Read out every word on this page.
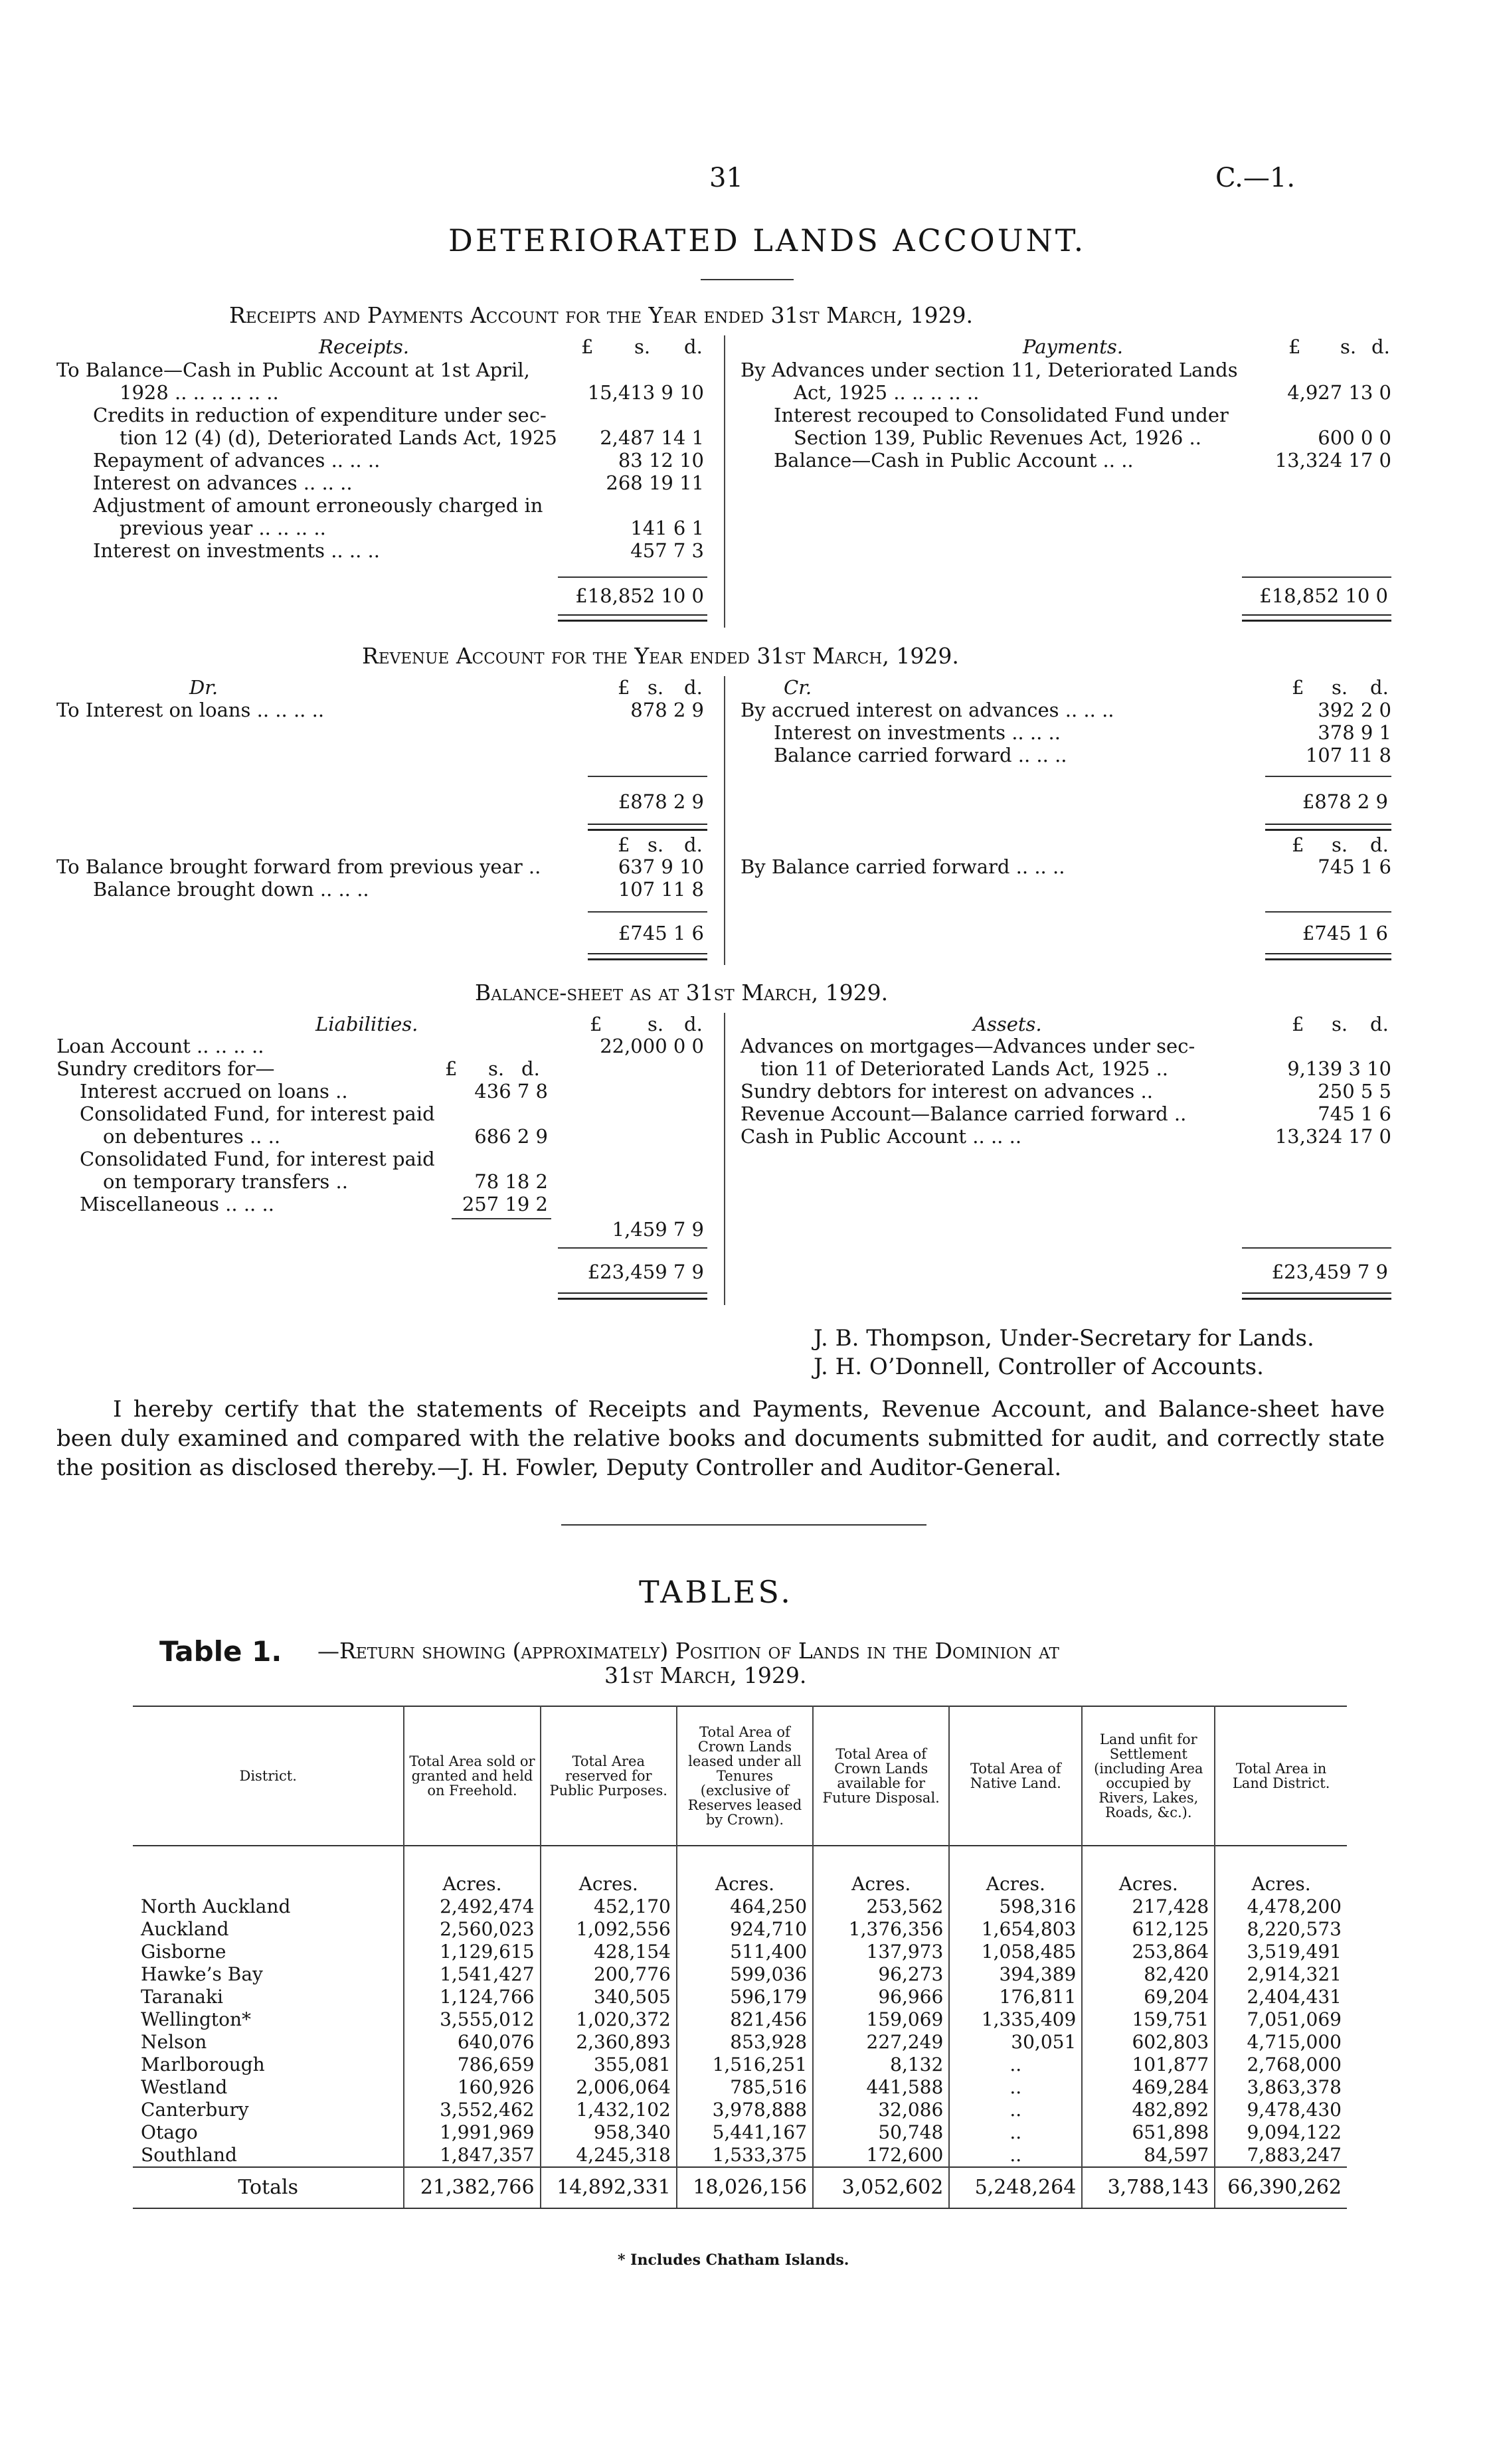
31	C.—1.
DETERIORATED LANDS ACCOUNT.
Receipts and Payments Account for the Year ended 31st March, 1929.
Receipts.	£ s. d.	Payments.	£ s. d.
To Balance—Cash in Public Account at 1st April,
1928 .. .. .. .. .. ..	15,413 9 10
Credits in reduction of expenditure under sec-
tion 12 (4) (d), Deteriorated Lands Act, 1925 2,487 14 1
Repayment of advances .. .. ..	83 12 10
Interest on advances .. .. ..	268 19 11
Adjustment of amount erroneously charged in
previous year .. .. .. ..	141 6 1
Interest on investments .. .. ..	457 7 3
£18,852 10 0
By Advances under section 11, Deteriorated Lands
Act, 1925 .. .. .. .. ..	4,927 13 0
Interest recouped to Consolidated Fund under
Section 139, Public Revenues Act, 1926 ..	600 0 0
Balance—Cash in Public Account .. ..	13,324 17 0
£18,852 10 0
Revenue Account for the Year ended 31st March, 1929.
Dr.	£ s. d.	Cr.	£ s. d.
To Interest on loans .. .. .. ..	878 2 9 By accrued interest on advances .. .. ..	392 2 0
Interest on investments .. .. ..	378 9 1
Balance carried forward .. .. ..	107 11 8
£878 2 9	£878 2 9
£ s. d.	£ s. d.
To Balance brought forward from previous year ..	637 9 10
Balance brought down .. .. ..	107 11 8
By Balance carried forward .. .. ..	745 1 6
£745 1 6	£745 1 6
Balance-sheet as at 31st March, 1929.
Liabilities.	£ s. d.	Assets.	£ s. d.
Loan Account .. .. .. ..	22,000 0 0
Sundry creditors for—	£ s. d.
Interest accrued on loans ..	436 7 8
Consolidated Fund, for interest paid
on debentures .. ..	686 2 9
Consolidated Fund, for interest paid
on temporary transfers ..	78 18 2
Miscellaneous .. .. ..	257 19 2
1,459 7 9
£23,459 7 9
Advances on mortgages—Advances under sec-
tion 11 of Deteriorated Lands Act, 1925 ..	9,139 3 10
Sundry debtors for interest on advances ..	250 5 5
Revenue Account—Balance carried forward ..	745 1 6
Cash in Public Account .. .. ..	13,324 17 0
£23,459 7 9
J. B. Thompson, Under-Secretary for Lands.
J. H. O’Donnell, Controller of Accounts.
I hereby certify that the statements of Receipts and Payments, Revenue Account, and Balance-sheet have been duly examined and compared with the relative books and documents submitted for audit, and correctly state the position as disclosed thereby.—J. H. Fowler, Deputy Controller and Auditor-General.
TABLES.
Table 1. —Return showing (approximately) Position of Lands in the Dominion at
31st March, 1929.
District.	Total Area sold or granted and held on Freehold.	Total Area reserved for Public Purposes.	Total Area of Crown Lands leased under all Tenures (exclusive of Reserves leased by Crown).	Total Area of Crown Lands available for Future Disposal.	Total Area of Native Land.	Land unfit for Settlement (including Area occupied by Rivers, Lakes, Roads, &c.).	Total Area in Land District.
	Acres.	Acres.	Acres.	Acres.	Acres.	Acres.	Acres.
North Auckland	2,492,474	452,170	464,250	253,562	598,316	217,428	4,478,200
Auckland	2,560,023	1,092,556	924,710	1,376,356	1,654,803	612,125	8,220,573
Gisborne	1,129,615	428,154	511,400	137,973	1,058,485	253,864	3,519,491
Hawke’s Bay	1,541,427	200,776	599,036	96,273	394,389	82,420	2,914,321
Taranaki	1,124,766	340,505	596,179	96,966	176,811	69,204	2,404,431
Wellington*	3,555,012	1,020,372	821,456	159,069	1,335,409	159,751	7,051,069
Nelson	640,076	2,360,893	853,928	227,249	30,051	602,803	4,715,000
Marlborough	786,659	355,081	1,516,251	8,132	..	101,877	2,768,000
Westland	160,926	2,006,064	785,516	441,588	..	469,284	3,863,378
Canterbury	3,552,462	1,432,102	3,978,888	32,086	..	482,892	9,478,430
Otago	1,991,969	958,340	5,441,167	50,748	..	651,898	9,094,122
Southland	1,847,357	4,245,318	1,533,375	172,600	..	84,597	7,883,247
Totals	21,382,766	14,892,331	18,026,156	3,052,602	5,248,264	3,788,143	66,390,262
* Includes Chatham Islands.
